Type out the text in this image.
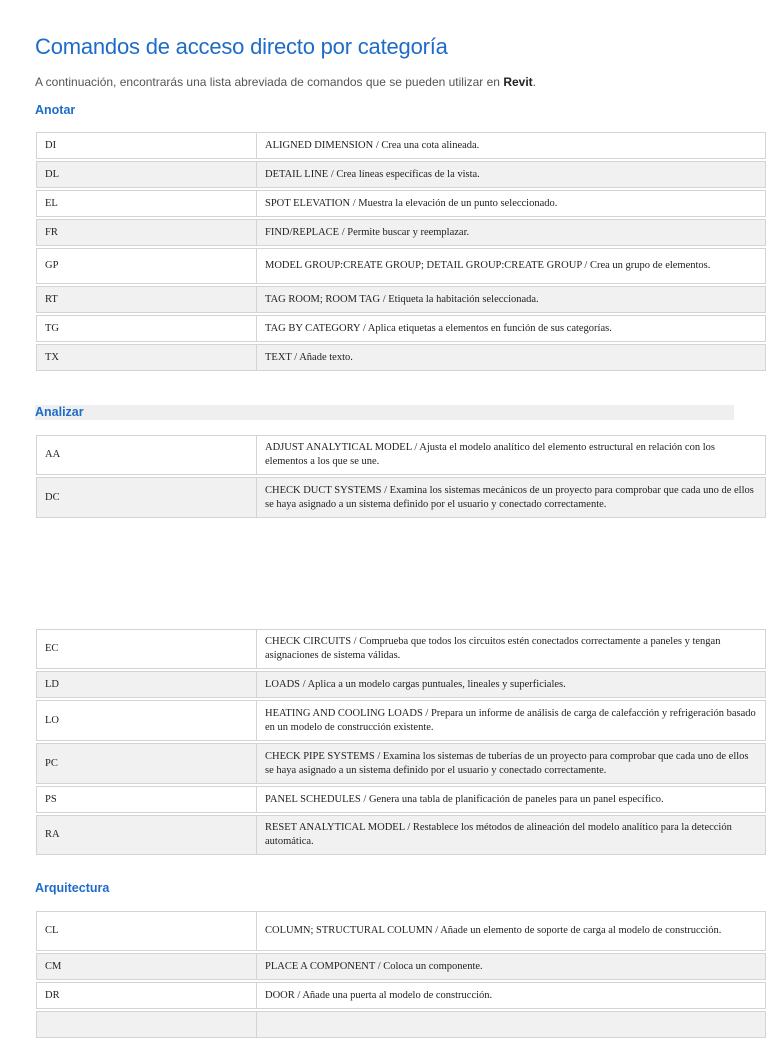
Comandos de acceso directo por categoría
A continuación, encontrarás una lista abreviada de comandos que se pueden utilizar en Revit.
Anotar
DI	ALIGNED DIMENSION / Crea una cota alineada.
DL	DETAIL LINE / Crea líneas específicas de la vista.
EL	SPOT ELEVATION / Muestra la elevación de un punto seleccionado.
FR	FIND/REPLACE / Permite buscar y reemplazar.
GP	MODEL GROUP:CREATE GROUP; DETAIL GROUP:CREATE GROUP / Crea un grupo de elementos.
RT	TAG ROOM; ROOM TAG / Etiqueta la habitación seleccionada.
TG	TAG BY CATEGORY / Aplica etiquetas a elementos en función de sus categorías.
TX	TEXT / Añade texto.
Analizar
AA	ADJUST ANALYTICAL MODEL / Ajusta el modelo analítico del elemento estructural en relación con los elementos a los que se une.
DC	CHECK DUCT SYSTEMS / Examina los sistemas mecánicos de un proyecto para comprobar que cada uno de ellos se haya asignado a un sistema definido por el usuario y conectado correctamente.
EC	CHECK CIRCUITS / Comprueba que todos los circuitos estén conectados correctamente a paneles y tengan asignaciones de sistema válidas.
LD	LOADS / Aplica a un modelo cargas puntuales, lineales y superficiales.
LO	HEATING AND COOLING LOADS / Prepara un informe de análisis de carga de calefacción y refrigeración basado en un modelo de construcción existente.
PC	CHECK PIPE SYSTEMS / Examina los sistemas de tuberías de un proyecto para comprobar que cada uno de ellos se haya asignado a un sistema definido por el usuario y conectado correctamente.
PS	PANEL SCHEDULES / Genera una tabla de planificación de paneles para un panel específico.
RA	RESET ANALYTICAL MODEL / Restablece los métodos de alineación del modelo analítico para la detección automática.
Arquitectura
CL	COLUMN; STRUCTURAL COLUMN / Añade un elemento de soporte de carga al modelo de construcción.
CM	PLACE A COMPONENT / Coloca un componente.
DR	DOOR / Añade una puerta al modelo de construcción.
